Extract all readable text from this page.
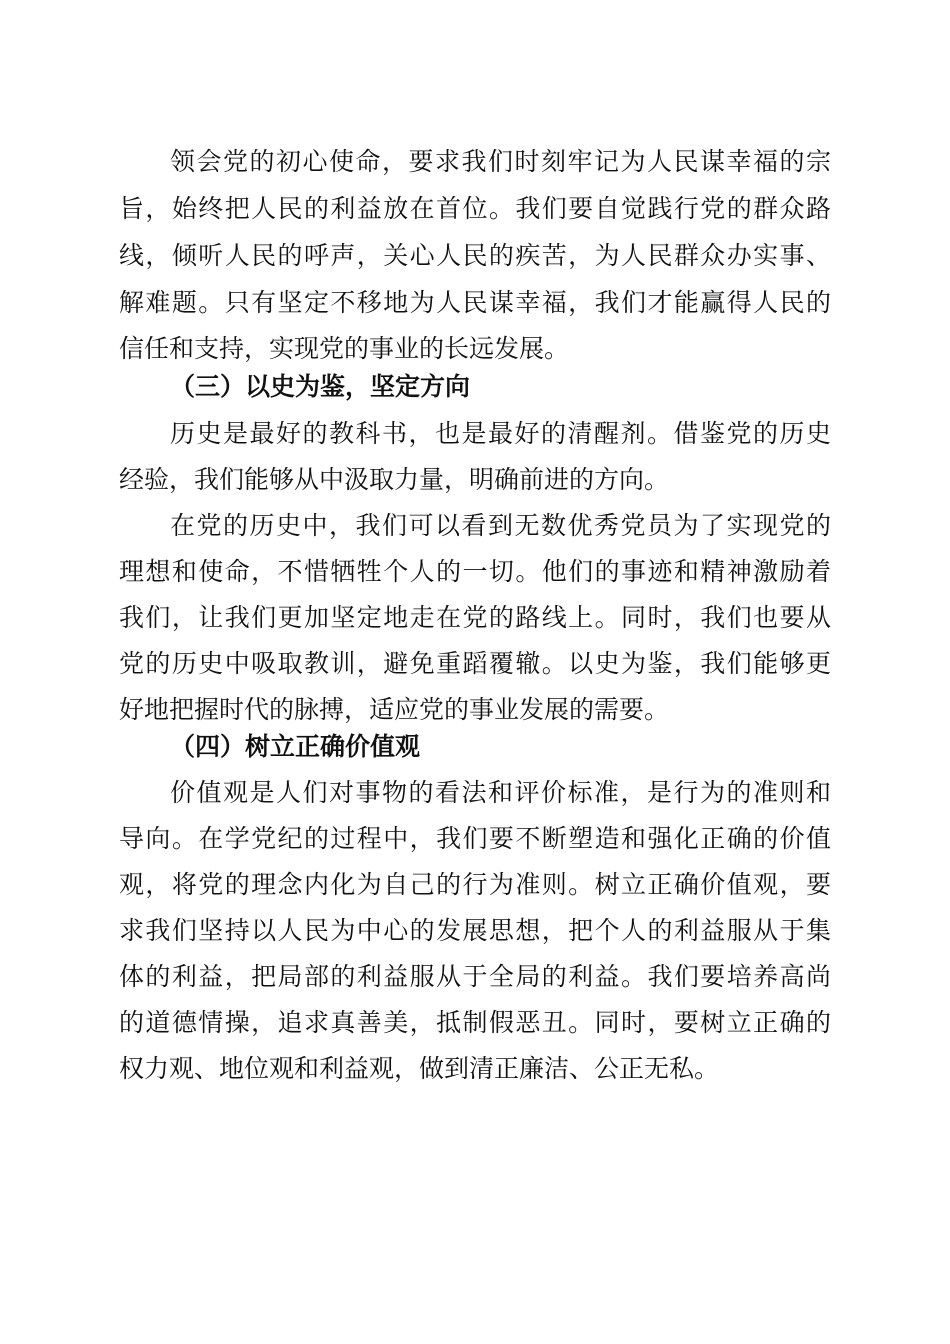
领会党的初心使命，要求我们时刻牢记为人民谋幸福的宗
旨，始终把人民的利益放在首位。我们要自觉践行党的群众路
线，倾听人民的呼声，关心人民的疾苦，为人民群众办实事、
解难题。只有坚定不移地为人民谋幸福，我们才能赢得人民的
信任和支持，实现党的事业的长远发展。
（三）以史为鉴，坚定方向
历史是最好的教科书，也是最好的清醒剂。借鉴党的历史
经验，我们能够从中汲取力量，明确前进的方向。
在党的历史中，我们可以看到无数优秀党员为了实现党的
理想和使命，不惜牺牲个人的一切。他们的事迹和精神激励着
我们，让我们更加坚定地走在党的路线上。同时，我们也要从
党的历史中吸取教训，避免重蹈覆辙。以史为鉴，我们能够更
好地把握时代的脉搏，适应党的事业发展的需要。
（四）树立正确价值观
价值观是人们对事物的看法和评价标准，是行为的准则和
导向。在学党纪的过程中，我们要不断塑造和强化正确的价值
观，将党的理念内化为自己的行为准则。树立正确价值观，要
求我们坚持以人民为中心的发展思想，把个人的利益服从于集
体的利益，把局部的利益服从于全局的利益。我们要培养高尚
的道德情操，追求真善美，抵制假恶丑。同时，要树立正确的
权力观、地位观和利益观，做到清正廉洁、公正无私。
